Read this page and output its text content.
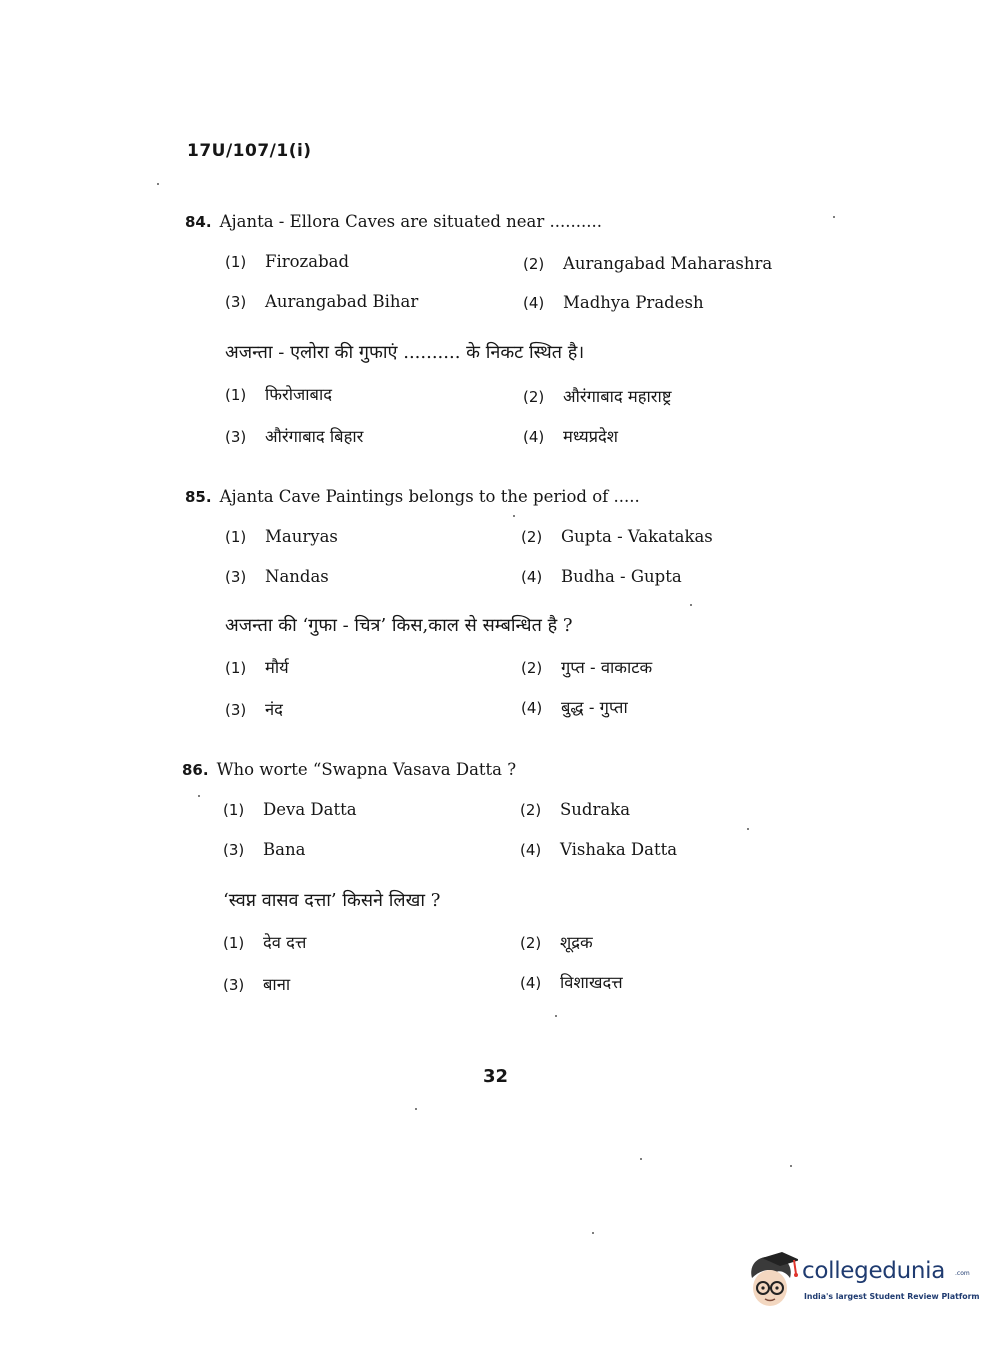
17U/107/1(i)
84. Ajanta - Ellora Caves are situated near ..........
(1) Firozabad	(2) Aurangabad Maharashra
(3) Aurangabad Bihar	(4) Madhya Pradesh
अजन्ता - एलोरा की गुफाएं .......... के निकट स्थित है।
(1) फिरोजाबाद	(2) औरंगाबाद महाराष्ट्र
(3) औरंगाबाद बिहार	(4) मध्यप्रदेश
85. Ajanta Cave Paintings belongs to the period of .....
(1) Mauryas	(2) Gupta - Vakatakas
(3) Nandas	(4) Budha - Gupta
अजन्ता की ‘गुफा - चित्र’ किस,काल से सम्बन्धित है ?
(1) मौर्य	(2) गुप्त - वाकाटक
(3) नंद	(4) बुद्ध - गुप्ता
86. Who worte “Swapna Vasava Datta ?
(1) Deva Datta	(2) Sudraka
(3) Bana	(4) Vishaka Datta
‘स्वप्न वासव दत्ता’ किसने लिखा ?
(1) देव दत्त	(2) शूद्रक
(3) बाना	(4) विशाखदत्त
32
collegedunia .com
India's largest Student Review Platform
